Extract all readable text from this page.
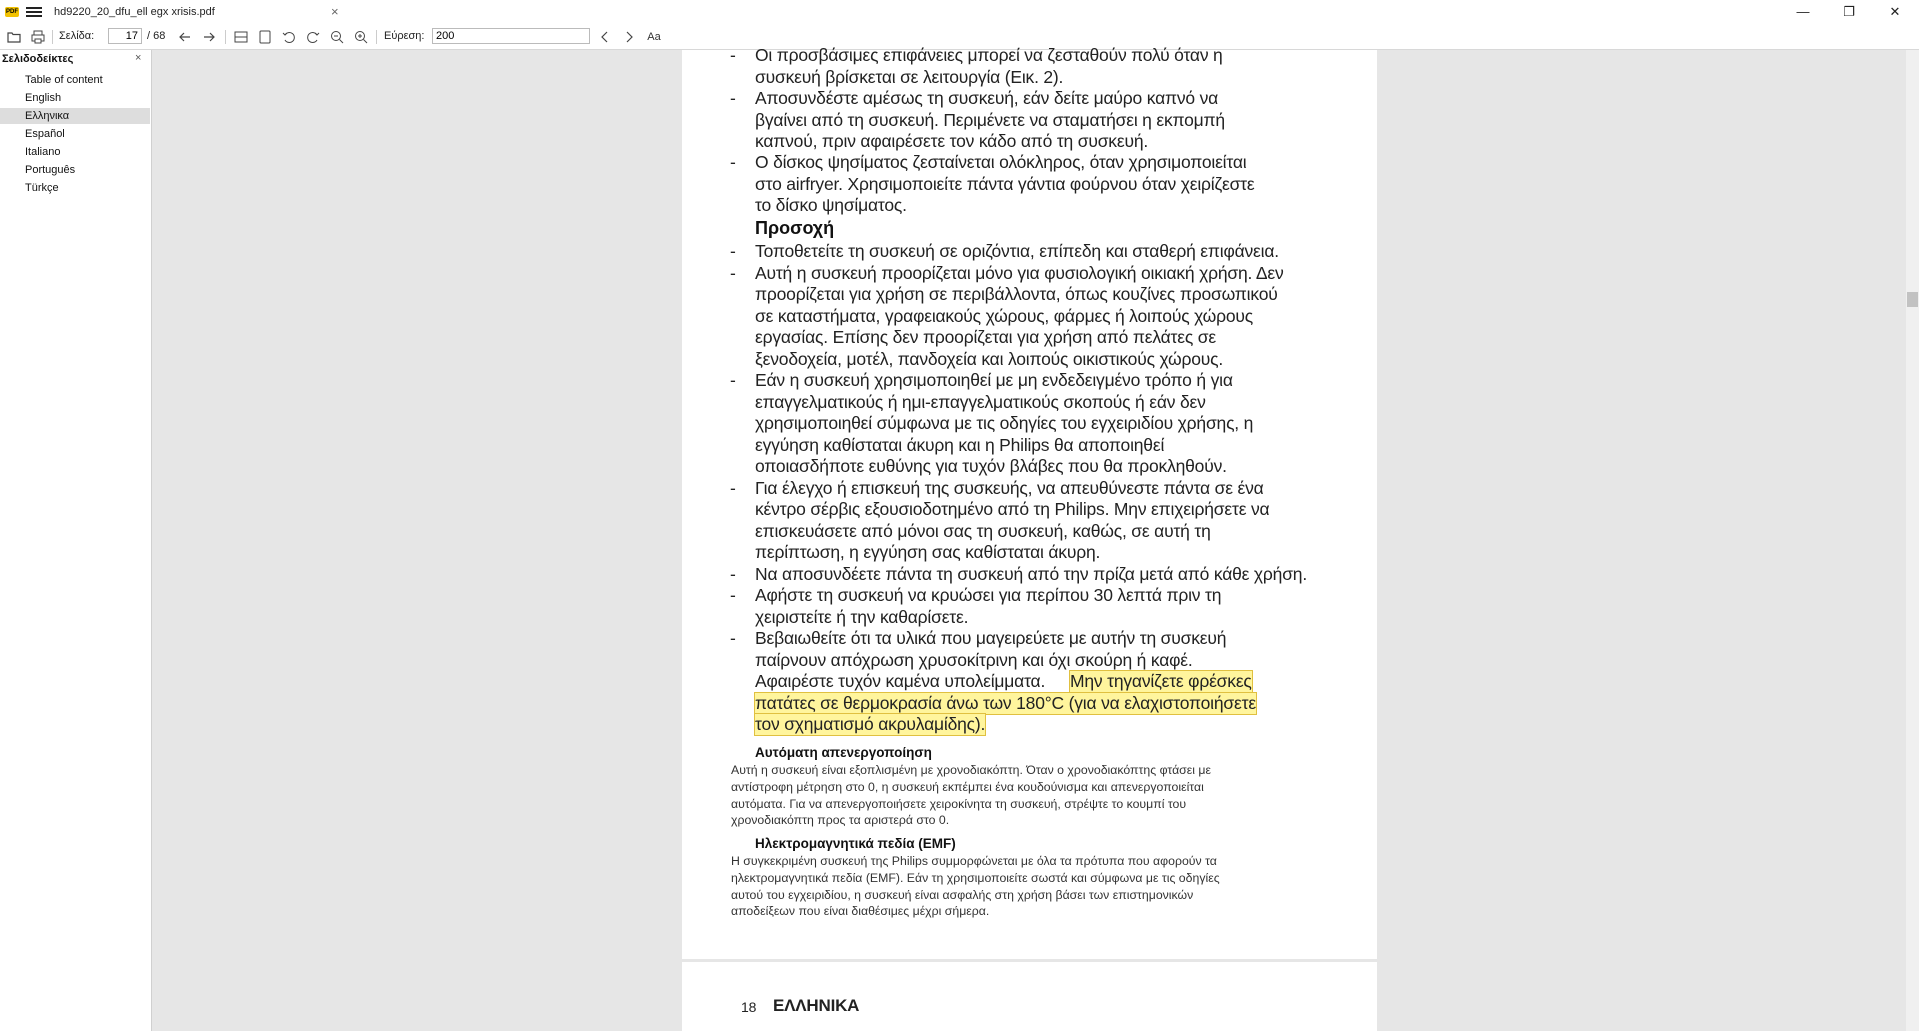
PDF	hd9220_20_dfu_ell egx xrisis.pdf	×	—	❐	✕
Σελίδα:
17	/ 68	Εύρεση:
200	Aa
Σελιδοδείκτες	×
Table of content
English
Ελληνικα
Español
Italiano
Português
Türkçe
- Οι προσβάσιμες επιφάνειες μπορεί να ζεσταθούν πολύ όταν η
συσκευή βρίσκεται σε λειτουργία (Εικ. 2).
- Αποσυνδέστε αμέσως τη συσκευή, εάν δείτε μαύρο καπνό να
βγαίνει από τη συσκευή. Περιμένετε να σταματήσει η εκπομπή
καπνού, πριν αφαιρέσετε τον κάδο από τη συσκευή.
- Ο δίσκος ψησίματος ζεσταίνεται ολόκληρος, όταν χρησιμοποιείται
στο airfryer. Χρησιμοποιείτε πάντα γάντια φούρνου όταν χειρίζεστε
το δίσκο ψησίματος.
Προσοχή
- Τοποθετείτε τη συσκευή σε οριζόντια, επίπεδη και σταθερή επιφάνεια.
- Αυτή η συσκευή προορίζεται μόνο για φυσιολογική οικιακή χρήση. Δεν
προορίζεται για χρήση σε περιβάλλοντα, όπως κουζίνες προσωπικού
σε καταστήματα, γραφειακούς χώρους, φάρμες ή λοιπούς χώρους
εργασίας. Επίσης δεν προορίζεται για χρήση από πελάτες σε
ξενοδοχεία, μοτέλ, πανδοχεία και λοιπούς οικιστικούς χώρους.
- Εάν η συσκευή χρησιμοποιηθεί με μη ενδεδειγμένο τρόπο ή για
επαγγελματικούς ή ημι-επαγγελματικούς σκοπούς ή εάν δεν
χρησιμοποιηθεί σύμφωνα με τις οδηγίες του εγχειριδίου χρήσης, η
εγγύηση καθίσταται άκυρη και η Philips θα αποποιηθεί
οποιασδήποτε ευθύνης για τυχόν βλάβες που θα προκληθούν.
- Για έλεγχο ή επισκευή της συσκευής, να απευθύνεστε πάντα σε ένα
κέντρο σέρβις εξουσιοδοτημένο από τη Philips. Μην επιχειρήσετε να
επισκευάσετε από μόνοι σας τη συσκευή, καθώς, σε αυτή τη
περίπτωση, η εγγύηση σας καθίσταται άκυρη.
- Να αποσυνδέετε πάντα τη συσκευή από την πρίζα μετά από κάθε χρήση.
- Αφήστε τη συσκευή να κρυώσει για περίπου 30 λεπτά πριν τη
χειριστείτε ή την καθαρίσετε.
- Βεβαιωθείτε ότι τα υλικά που μαγειρεύετε με αυτήν τη συσκευή
παίρνουν απόχρωση χρυσοκίτρινη και όχι σκούρη ή καφέ.
Αφαιρέστε τυχόν καμένα υπολείμματα. Μην τηγανίζετε φρέσκες
πατάτες σε θερμοκρασία άνω των 180°C (για να ελαχιστοποιήσετε
τον σχηματισμό ακρυλαμίδης).
Αυτόματη απενεργοποίηση
Αυτή η συσκευή είναι εξοπλισμένη με χρονοδιακόπτη. Όταν ο χρονοδιακόπτης φτάσει με
αντίστροφη μέτρηση στο 0, η συσκευή εκπέμπει ένα κουδούνισμα και απενεργοποιείται
αυτόματα. Για να απενεργοποιήσετε χειροκίνητα τη συσκευή, στρέψτε το κουμπί του
χρονοδιακόπτη προς τα αριστερά στο 0.
Ηλεκτρομαγνητικά πεδία (EMF)
Η συγκεκριμένη συσκευή της Philips συμμορφώνεται με όλα τα πρότυπα που αφορούν τα
ηλεκτρομαγνητικά πεδία (EMF). Εάν τη χρησιμοποιείτε σωστά και σύμφωνα με τις οδηγίες
αυτού του εγχειριδίου, η συσκευή είναι ασφαλής στη χρήση βάσει των επιστημονικών
αποδείξεων που είναι διαθέσιμες μέχρι σήμερα.
18 ΕΛΛΗΝΙΚΑ
